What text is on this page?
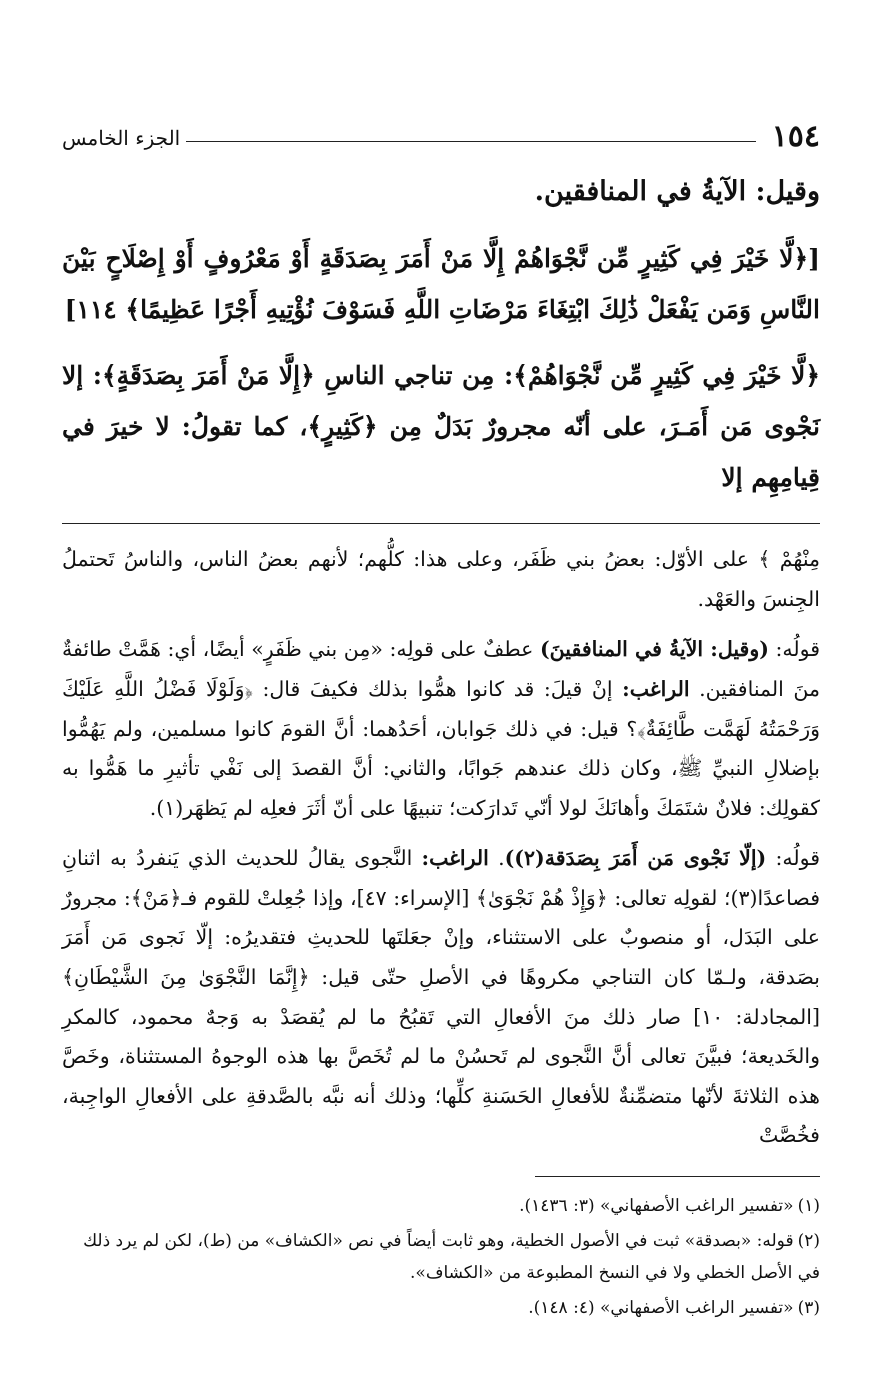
١٥٤
الجزء الخامس

وقيل: الآيةُ في المنافقين.

[﴿لَّا خَيْرَ فِي كَثِيرٍ مِّن نَّجْوَاهُمْ إِلَّا مَنْ أَمَرَ بِصَدَقَةٍ أَوْ مَعْرُوفٍ أَوْ إِصْلَاحٍ بَيْنَ النَّاسِ وَمَن يَفْعَلْ ذَٰلِكَ ابْتِغَاءَ مَرْضَاتِ اللَّهِ فَسَوْفَ نُؤْتِيهِ أَجْرًا عَظِيمًا﴾ ١١٤]

﴿لَّا خَيْرَ فِي كَثِيرٍ مِّن نَّجْوَاهُمْ﴾: مِن تناجي الناسِ ﴿إِلَّا مَنْ أَمَرَ بِصَدَقَةٍ﴾: إلا نَجْوى مَن أَمَـرَ، على أنّه مجرورٌ بَدَلٌ مِن ﴿كَثِيرٍ﴾، كما تقولُ: لا خيرَ في قِيامِهِم إلا

مِنْهُمْ ﴾ على الأوّل: بعضُ بني ظَفَر، وعلى هذا: كلُّهم؛ لأنهم بعضُ الناس، والناسُ تَحتملُ الجِنسَ والعَهْد.

قولُه: (وقيل: الآيةُ في المنافقينَ) عطفٌ على قولِه: «مِن بني ظَفَرٍ» أيضًا، أي: هَمَّتْ طائفةٌ منَ المنافقين. الراغب: إنْ قيلَ: قد كانوا همُّوا بذلك فكيفَ قال: ﴿وَلَوْلَا فَضْلُ اللَّهِ عَلَيْكَ وَرَحْمَتُهُ لَهَمَّت طَّائِفَةٌ﴾؟ قيل: في ذلك جَوابان، أحَدُهما: أنَّ القومَ كانوا مسلمين، ولم يَهُمُّوا بإضلالِ النبيِّ ﷺ، وكان ذلك عندهم جَوابًا، والثاني: أنَّ القصدَ إلى نَفْي تأثيرِ ما هَمُّوا به كقولِك: فلانٌ شتَمَكَ وأهانَكَ لولا أنّي تَدارَكت؛ تنبيهًا على أنّ أثَرَ فعلِه لم يَظهَر(١).

قولُه: (إلّا نَجْوى مَن أَمَرَ بِصَدَقة(٢)). الراغب: النَّجوى يقالُ للحديث الذي يَنفردُ به اثنانِ فصاعدًا(٣)؛ لقولِه تعالى: ﴿وَإِذْ هُمْ نَجْوَىٰ﴾ [الإسراء: ٤٧]، وإذا جُعِلتْ للقوم فـ﴿مَنْ﴾: مجرورٌ على البَدَل، أو منصوبٌ على الاستثناء، وإنْ جعَلتَها للحديثِ فتقديرُه: إلّا نَجوى مَن أَمَرَ بصَدقة، ولـمّا كان التناجي مكروهًا في الأصلِ حتّى قيل: ﴿إِنَّمَا النَّجْوَىٰ مِنَ الشَّيْطَانِ﴾ [المجادلة: ١٠] صار ذلك منَ الأفعالِ التي تَقبُحُ ما لم يُقصَدْ به وَجهٌ محمود، كالمكرِ والخَديعة؛ فبيَّنَ تعالى أنَّ النَّجوى لم تَحسُنْ ما لم تُخَصَّ بها هذه الوجوهُ المستثناة، وخَصَّ هذه الثلاثةَ لأنّها متضمِّنةٌ للأفعالِ الحَسَنةِ كلِّها؛ وذلك أنه نبَّه بالصَّدقةِ على الأفعالِ الواجِبة، فخُصَّتْ

(١)«تفسير الراغب الأصفهاني» (٣: ١٤٣٦).

(٢)قوله: «بصدقة» ثبت في الأصول الخطية، وهو ثابت أيضاً في نص «الكشاف» من (ط)، لكن لم يرد ذلك في الأصل الخطي ولا في النسخ المطبوعة من «الكشاف».

(٣)«تفسير الراغب الأصفهاني» (٤: ١٤٨).
